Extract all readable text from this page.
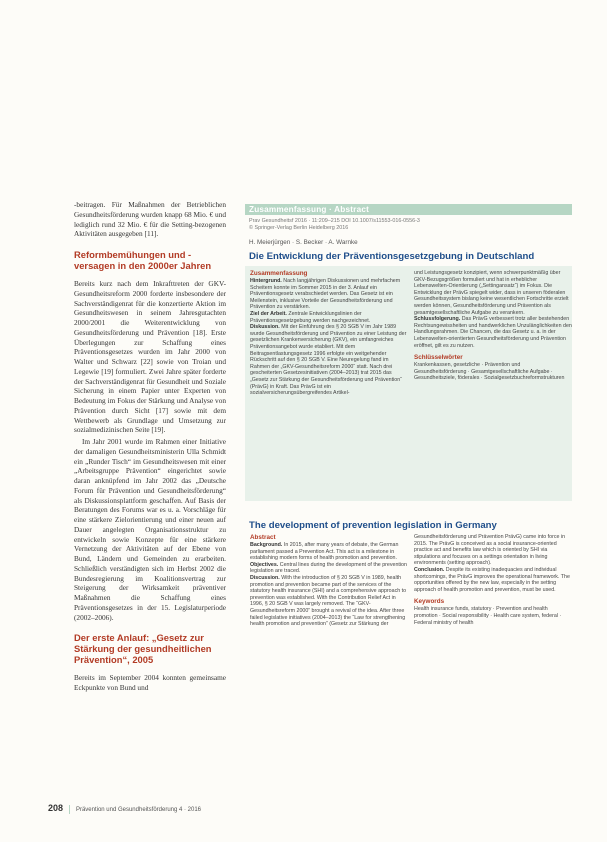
-beitragen. Für Maßnahmen der Betrieblichen Gesundheitsförderung wurden knapp 68 Mio. € und lediglich rund 32 Mio. € für die Setting-bezogenen Aktivitäten ausgegeben [11].

Reformbemühungen und -versagen in den 2000er Jahren

Bereits kurz nach dem Inkrafttreten der GKV-Gesundheitsreform 2000 forderte insbesondere der Sachverständigenrat für die konzertierte Aktion im Gesundheitswesen in seinem Jahresgutachten 2000/2001 die Weiterentwicklung von Gesundheitsförderung und Prävention [18]. Erste Überlegungen zur Schaffung eines Präventionsgesetzes wurden im Jahr 2000 von Walter und Schwarz [22] sowie von Troian und Legewie [19] formuliert. Zwei Jahre später forderte der Sachverständigenrat für Gesundheit und Soziale Sicherung in einem Papier unter Experten von Bedeutung im Fokus der Stärkung und Analyse von Prävention durch Sicht [17] sowie mit dem Wettbewerb als Grundlage und Umsetzung zur sozialmedizinischen Seite [19].

Im Jahr 2001 wurde im Rahmen einer Initiative der damaligen Gesundheitsministerin Ulla Schmidt ein „Runder Tisch“ im Gesundheitswesen mit einer „Arbeitsgruppe Prävention“ eingerichtet sowie daran anknüpfend im Jahr 2002 das „Deutsche Forum für Prävention und Gesundheitsförderung“ als Diskussionsplattform geschaffen. Auf Basis der Beratungen des Forums war es u. a. Vorschläge für eine stärkere Zielorientierung und einer neuen auf Dauer angelegten Organisationsstruktur zu entwickeln sowie Konzepte für eine stärkere Vernetzung der Aktivitäten auf der Ebene von Bund, Ländern und Gemeinden zu erarbeiten. Schließlich verständigten sich im Herbst 2002 die Bundesregierung im Koalitionsvertrag zur Steigerung der Wirksamkeit präventiver Maßnahmen die Schaffung eines Präventionsgesetzes in der 15. Legislaturperiode (2002–2006).

Der erste Anlauf: „Gesetz zur Stärkung der gesundheitlichen Prävention“, 2005

Bereits im September 2004 konnten gemeinsame Eckpunkte von Bund und

Zusammenfassung · Abstract
Prav Gesundheitsf 2016 · 11:209–215 DOI 10.1007/s11553-016-0556-3
© Springer-Verlag Berlin Heidelberg 2016
H. Meierjürgen · S. Becker · A. Warnke
Die Entwicklung der Präventionsgesetzgebung in Deutschland
Zusammenfassung
Hintergrund. Nach langjährigen Diskussionen und mehrfachem Scheitern konnte im Sommer 2015 in der 3. Anlauf ein Präventionsgesetz verabschiedet werden. Das Gesetz ist ein Meilenstein, inklusive Vorteile der Gesundheitsförderung und Prävention zu verstärken.
Ziel der Arbeit. Zentrale Entwicklungslinien der Präventionsgesetzgebung werden nachgezeichnet.
Diskussion. Mit der Einführung des § 20 SGB V im Jahr 1989 wurde Gesundheitsförderung und Prävention zu einer Leistung der gesetzlichen Krankenversicherung (GKV), ein umfangreiches Präventionsangebot wurde etabliert. Mit dem Beitragsentlastungsgesetz 1996 erfolgte ein weitgehender Rückschritt auf den § 20 SGB V. Eine Neuregelung fand im Rahmen der „GKV-Gesundheitsreform 2000“ statt. Nach drei gescheiterten Gesetzesinitiativen (2004–2013) trat 2015 das „Gesetz zur Stärkung der Gesundheitsförderung und Prävention“ (PrävG) in Kraft. Das PrävG ist ein sozialversicherungsübergreifendes Artikel-
und Leistungsgesetz konzipiert, wenn schwerpunktmäßig über GKV-Bezugsgrößen formuliert und hat in erheblicher Lebenswelten-Orientierung („Settingansatz“) im Fokus. Die Entwicklung der PrävG spiegelt wider, dass in unseren föderalen Gesundheitssystem bislang keine wesentlichen Fortschritte erzielt werden können, Gesundheitsförderung und Prävention als gesamtgesellschaftliche Aufgabe zu verankern.
Schlussfolgerung. Das PrävG verbessert trotz aller bestehenden Rechtsungewissheiten und handwerklichen Unzulänglichkeiten den Handlungsrahmen. Die Chancen, die das Gesetz u. a. in der Lebenswelten-orientierten Gesundheitsförderung und Prävention eröffnet, gilt es zu nutzen.
Schlüsselwörter
Krankenkassen, gesetzliche · Prävention und Gesundheitsförderung · Gesamtgesellschaftliche Aufgabe · Gesundheitsziele, föderales · Sozialgesetzbuchreformstrukturen
The development of prevention legislation in Germany
Abstract
Background. In 2015, after many years of debate, the German parliament passed a Prevention Act. This act is a milestone in establishing modern forms of health promotion and prevention.
Objectives. Central lines during the development of the prevention legislation are traced.
Discussion. With the introduction of § 20 SGB V in 1989, health promotion and prevention became part of the services of the statutory health insurance (SHI) and a comprehensive approach to prevention was established. With the Contribution Relief Act in 1996, § 20 SGB V was largely removed. The “GKV-Gesundheitsreform 2000” brought a revival of the idea. After three failed legislative initiatives (2004–2013) the “Law for strengthening health promotion and prevention” (Gesetz zur Stärkung der
Gesundheitsförderung und Prävention PrävG) came into force in 2015. The PrävG is conceived as a social insurance-oriented practice act and benefits law which is oriented by SHI via stipulations and focuses on a settings orientation in living environments (setting approach).
Conclusion. Despite its existing inadequacies and individual shortcomings, the PrävG improves the operational framework. The opportunities offered by the new law, especially in the setting approach of health promotion and prevention, must be used.
Keywords
Health insurance funds, statutory · Prevention and health promotion · Social responsibility · Health care system, federal · Federal ministry of health
208 Prävention und Gesundheitsförderung 4 · 2016
